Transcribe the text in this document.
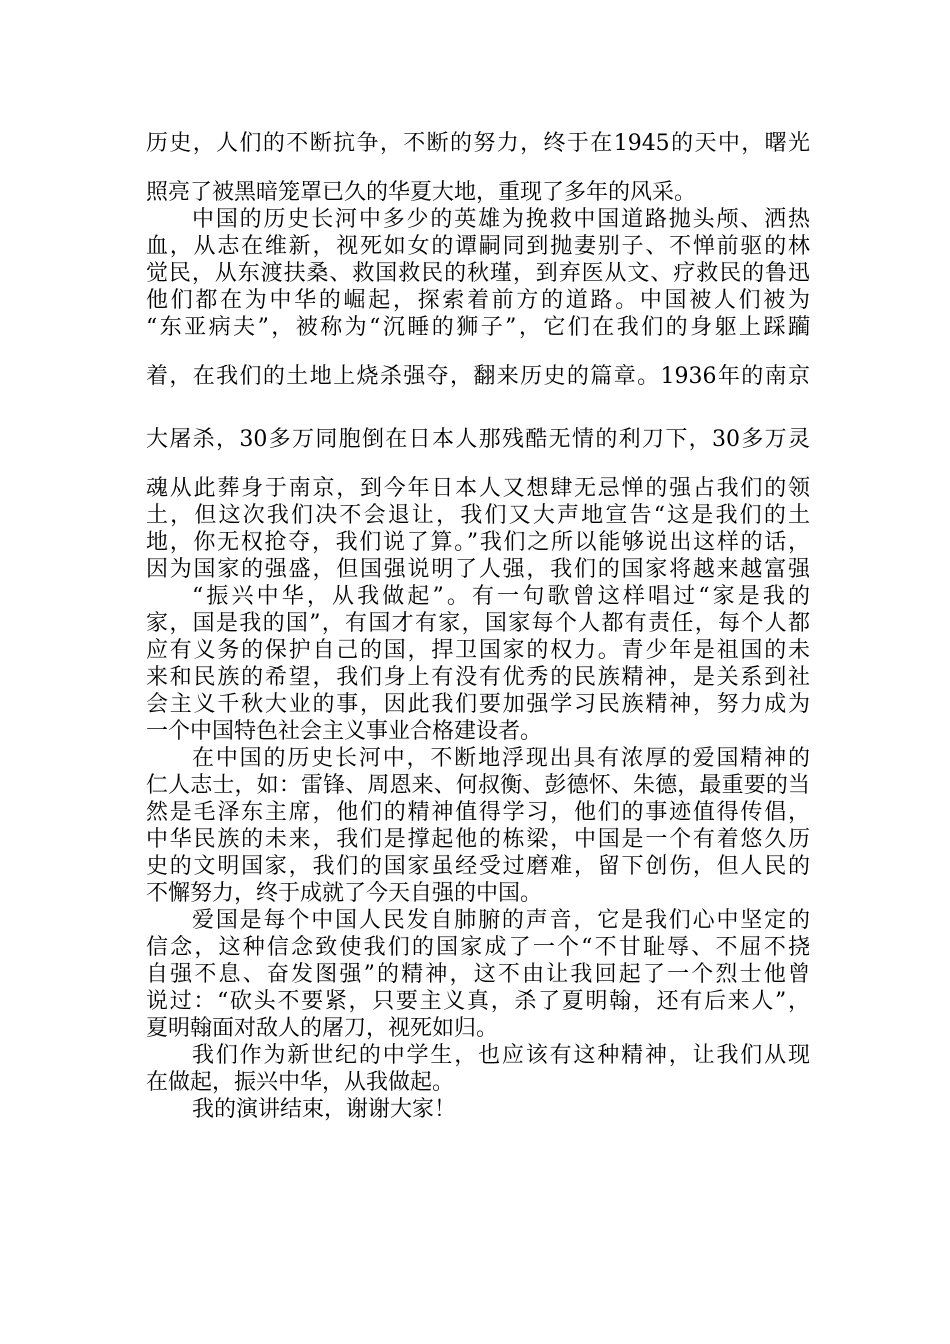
历史，人们的不断抗争，不断的努力，终于在1945的天中，曙光
照亮了被黑暗笼罩已久的华夏大地，重现了多年的风采。
中国的历史长河中多少的英雄为挽救中国道路抛头颅、洒热
血，从志在维新，视死如女的谭嗣同到抛妻别子、不惮前驱的林
觉民，从东渡扶桑、救国救民的秋瑾，到弃医从文、疗救民的鲁迅
他们都在为中华的崛起，探索着前方的道路。中国被人们被为
“东亚病夫”，被称为“沉睡的狮子”，它们在我们的身躯上踩躏
着，在我们的土地上烧杀强夺，翻来历史的篇章。1936年的南京
大屠杀，30多万同胞倒在日本人那残酷无情的利刀下，30多万灵
魂从此葬身于南京，到今年日本人又想肆无忌惮的强占我们的领
土，但这次我们决不会退让，我们又大声地宣告“这是我们的土
地，你无权抢夺，我们说了算。”我们之所以能够说出这样的话，
因为国家的强盛，但国强说明了人强，我们的国家将越来越富强
“振兴中华，从我做起”。有一句歌曾这样唱过“家是我的
家，国是我的国”，有国才有家，国家每个人都有责任，每个人都
应有义务的保护自己的国，捍卫国家的权力。青少年是祖国的未
来和民族的希望，我们身上有没有优秀的民族精神，是关系到社
会主义千秋大业的事，因此我们要加强学习民族精神，努力成为
一个中国特色社会主义事业合格建设者。
在中国的历史长河中，不断地浮现出具有浓厚的爱国精神的
仁人志士，如：雷锋、周恩来、何叔衡、彭德怀、朱德，最重要的当
然是毛泽东主席，他们的精神值得学习，他们的事迹值得传倡，
中华民族的未来，我们是撑起他的栋梁，中国是一个有着悠久历
史的文明国家，我们的国家虽经受过磨难，留下创伤，但人民的
不懈努力，终于成就了今天自强的中国。
爱国是每个中国人民发自肺腑的声音，它是我们心中坚定的
信念，这种信念致使我们的国家成了一个“不甘耻辱、不屈不挠
自强不息、奋发图强”的精神，这不由让我回起了一个烈士他曾
说过：“砍头不要紧，只要主义真，杀了夏明翰，还有后来人”，
夏明翰面对敌人的屠刀，视死如归。
我们作为新世纪的中学生，也应该有这种精神，让我们从现
在做起，振兴中华，从我做起。
我的演讲结束，谢谢大家！
